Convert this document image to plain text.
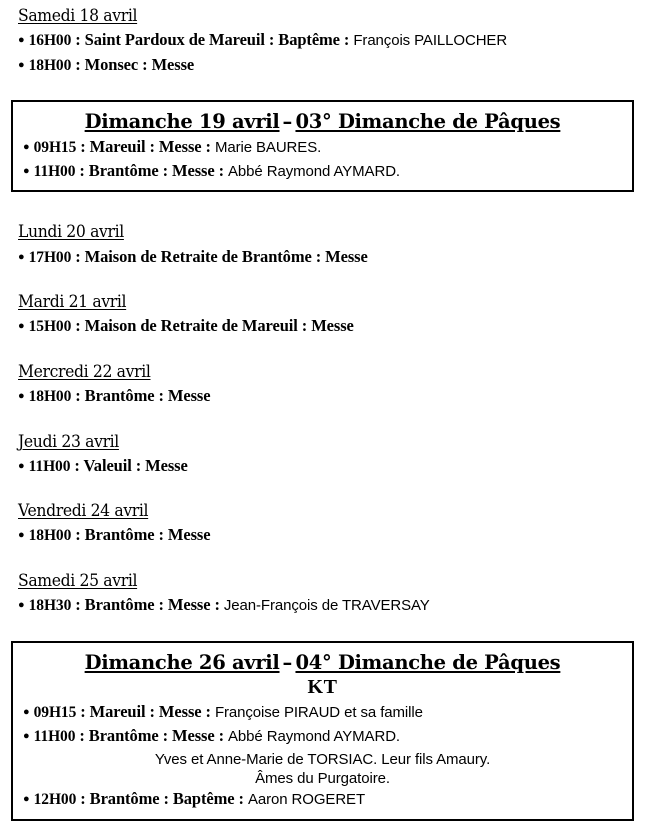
Samedi 18 avril
● 16H00 : Saint Pardoux de Mareuil : Baptême : François PAILLOCHER
● 18H00 : Monsec : Messe
Dimanche 19 avril – 03° Dimanche de Pâques
● 09H15 : Mareuil : Messe : Marie BAURES.
● 11H00 : Brantôme : Messe : Abbé Raymond AYMARD.
Lundi 20 avril
● 17H00 : Maison de Retraite de Brantôme : Messe
Mardi 21 avril
● 15H00 : Maison de Retraite de Mareuil : Messe
Mercredi 22 avril
● 18H00 : Brantôme : Messe
Jeudi 23 avril
● 11H00 : Valeuil : Messe
Vendredi 24 avril
● 18H00 : Brantôme : Messe
Samedi 25 avril
● 18H30 : Brantôme : Messe : Jean-François de TRAVERSAY
Dimanche 26 avril – 04° Dimanche de Pâques
KT
● 09H15 : Mareuil : Messe : Françoise PIRAUD et sa famille
● 11H00 : Brantôme : Messe : Abbé Raymond AYMARD.
Yves et Anne-Marie de TORSIAC. Leur fils Amaury.
Âmes du Purgatoire.
● 12H00 : Brantôme : Baptême : Aaron ROGERET
